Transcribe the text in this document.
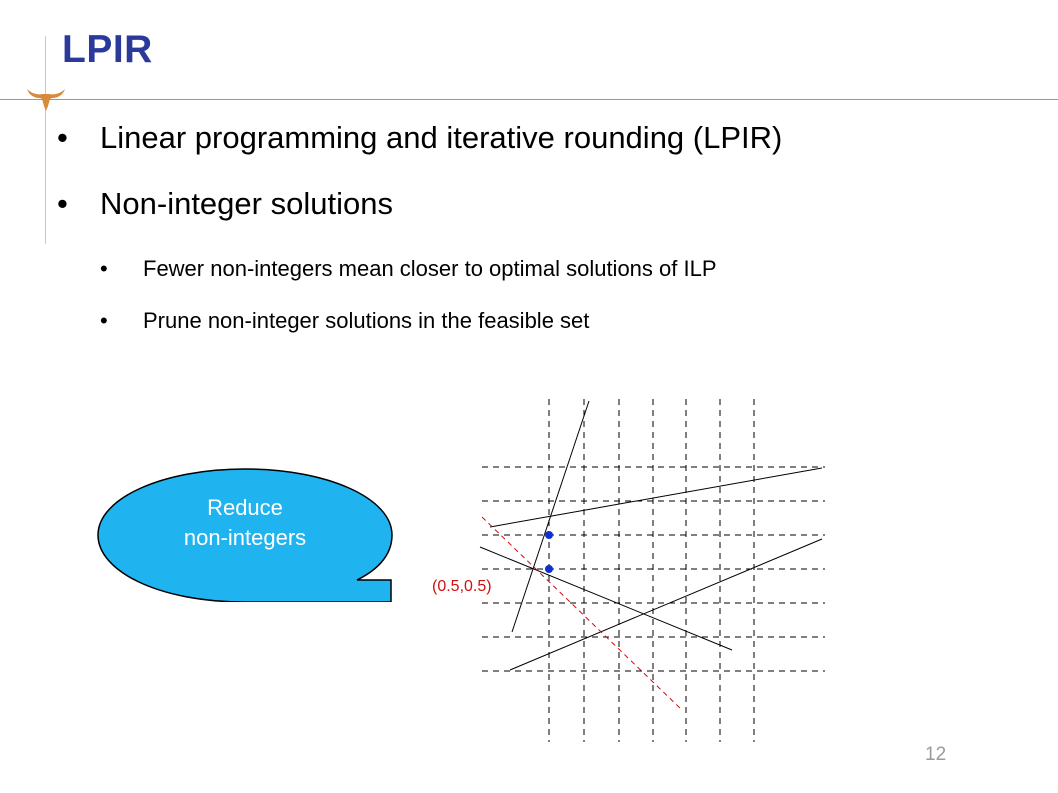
LPIR
• Linear programming and iterative rounding (LPIR)
• Non-integer solutions
• Fewer non-integers mean closer to optimal solutions of ILP
• Prune non-integer solutions in the feasible set
Reduce
non-integers
(0.5,0.5)
12
